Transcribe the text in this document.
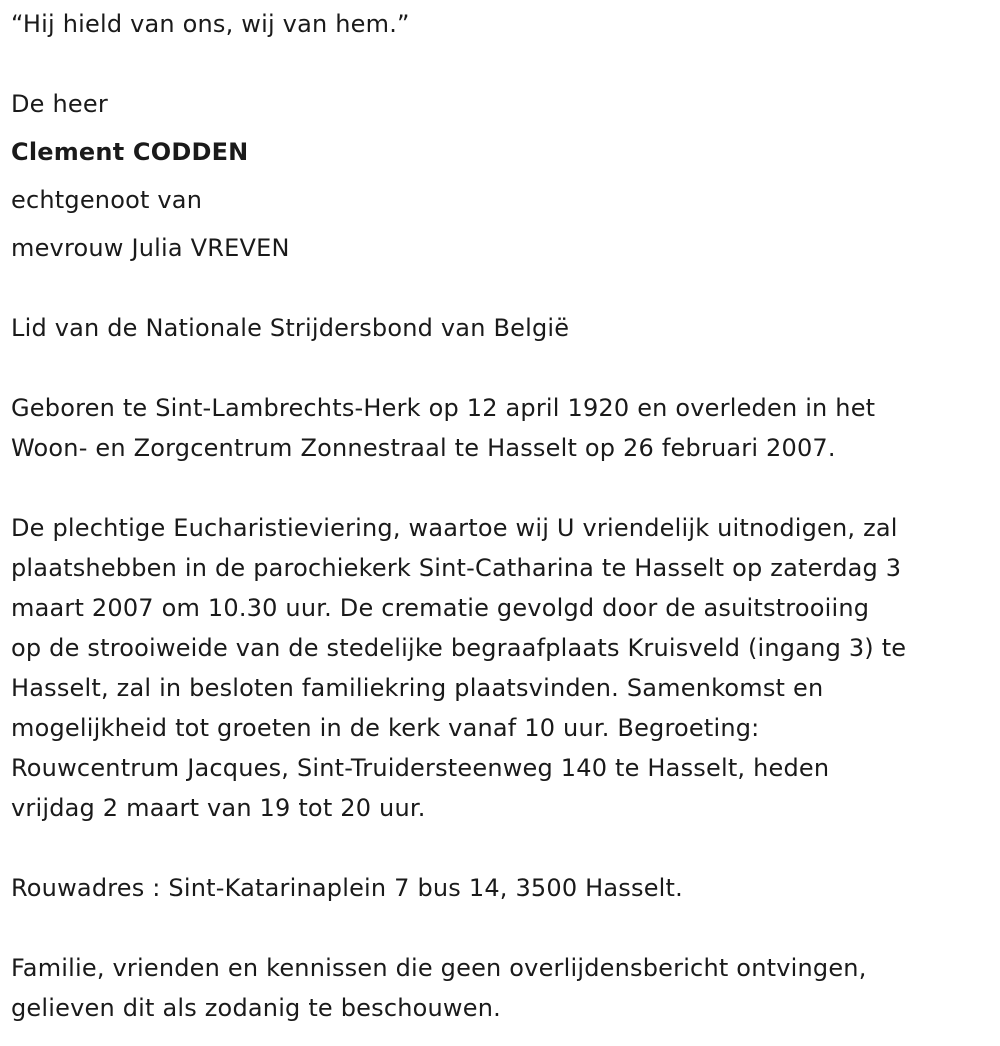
“Hij hield van ons, wij van hem.”
De heer
Clement CODDEN
echtgenoot van
mevrouw Julia VREVEN
Lid van de Nationale Strijdersbond van België
Geboren te Sint-Lambrechts-Herk op 12 april 1920 en overleden in het
Woon- en Zorgcentrum Zonnestraal te Hasselt op 26 februari 2007.
De plechtige Eucharistieviering, waartoe wij U vriendelijk uitnodigen, zal
plaatshebben in de parochiekerk Sint-Catharina te Hasselt op zaterdag 3
maart 2007 om 10.30 uur. De crematie gevolgd door de asuitstrooiing
op de strooiweide van de stedelijke begraafplaats Kruisveld (ingang 3) te
Hasselt, zal in besloten familiekring plaatsvinden. Samenkomst en
mogelijkheid tot groeten in de kerk vanaf 10 uur. Begroeting:
Rouwcentrum Jacques, Sint-Truidersteenweg 140 te Hasselt, heden
vrijdag 2 maart van 19 tot 20 uur.
Rouwadres : Sint-Katarinaplein 7 bus 14, 3500 Hasselt.
Familie, vrienden en kennissen die geen overlijdensbericht ontvingen,
gelieven dit als zodanig te beschouwen.
